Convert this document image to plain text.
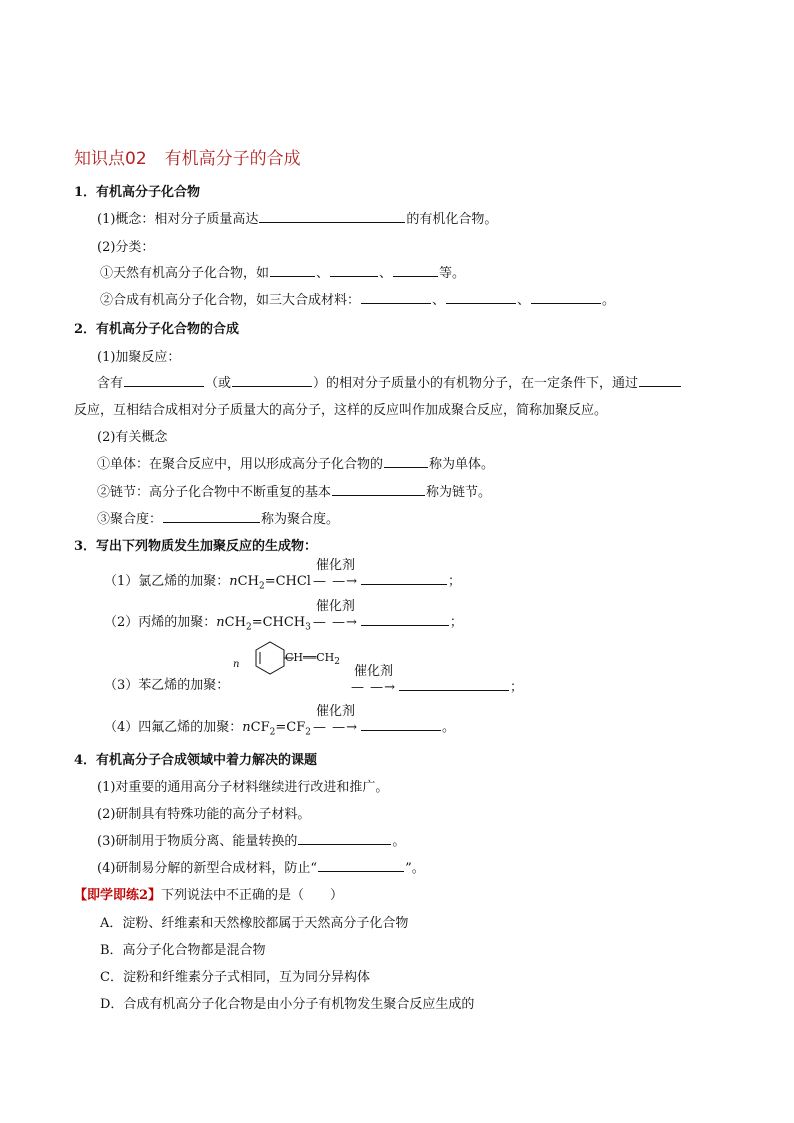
知识点02 有机高分子的合成
1．有机高分子化合物
(1)概念：相对分子质量高达	的有机化合物。
(2)分类：
①天然有机高分子化合物，如	、	、	等。
②合成有机高分子化合物，如三大合成材料：	、	、	。
2．有机高分子化合物的合成
(1)加聚反应：
含有	（或	）的相对分子质量小的有机物分子，在一定条件下，通过
反应，互相结合成相对分子质量大的高分子，这样的反应叫作加成聚合反应，简称加聚反应。
(2)有关概念
①单体：在聚合反应中，用以形成高分子化合物的	称为单体。
②链节：高分子化合物中不断重复的基本	称为链节。
③聚合度：	称为聚合度。
3．写出下列物质发生加聚反应的生成物：
（1）氯乙烯的加聚：nCH$_2$=CHCl
催化剂
— —→	；
（2）丙烯的加聚：$nCH_2=CHCH_3$
催化剂
— —→	；
（3）苯乙烯的加聚：
n
$CH══CH_2$
催化剂
— —→	；
（4）四氟乙烯的加聚：$nCF_2=CF_2$
催化剂
— —→	。
4．有机高分子合成领域中着力解决的课题
(1)对重要的通用高分子材料继续进行改进和推广。
(2)研制具有特殊功能的高分子材料。
(3)研制用于物质分离、能量转换的	。
(4)研制易分解的新型合成材料，防止“	”。
【即学即练2】下列说法中不正确的是（　　）
A．淀粉、纤维素和天然橡胶都属于天然高分子化合物
B．高分子化合物都是混合物
C．淀粉和纤维素分子式相同，互为同分异构体
D．合成有机高分子化合物是由小分子有机物发生聚合反应生成的
